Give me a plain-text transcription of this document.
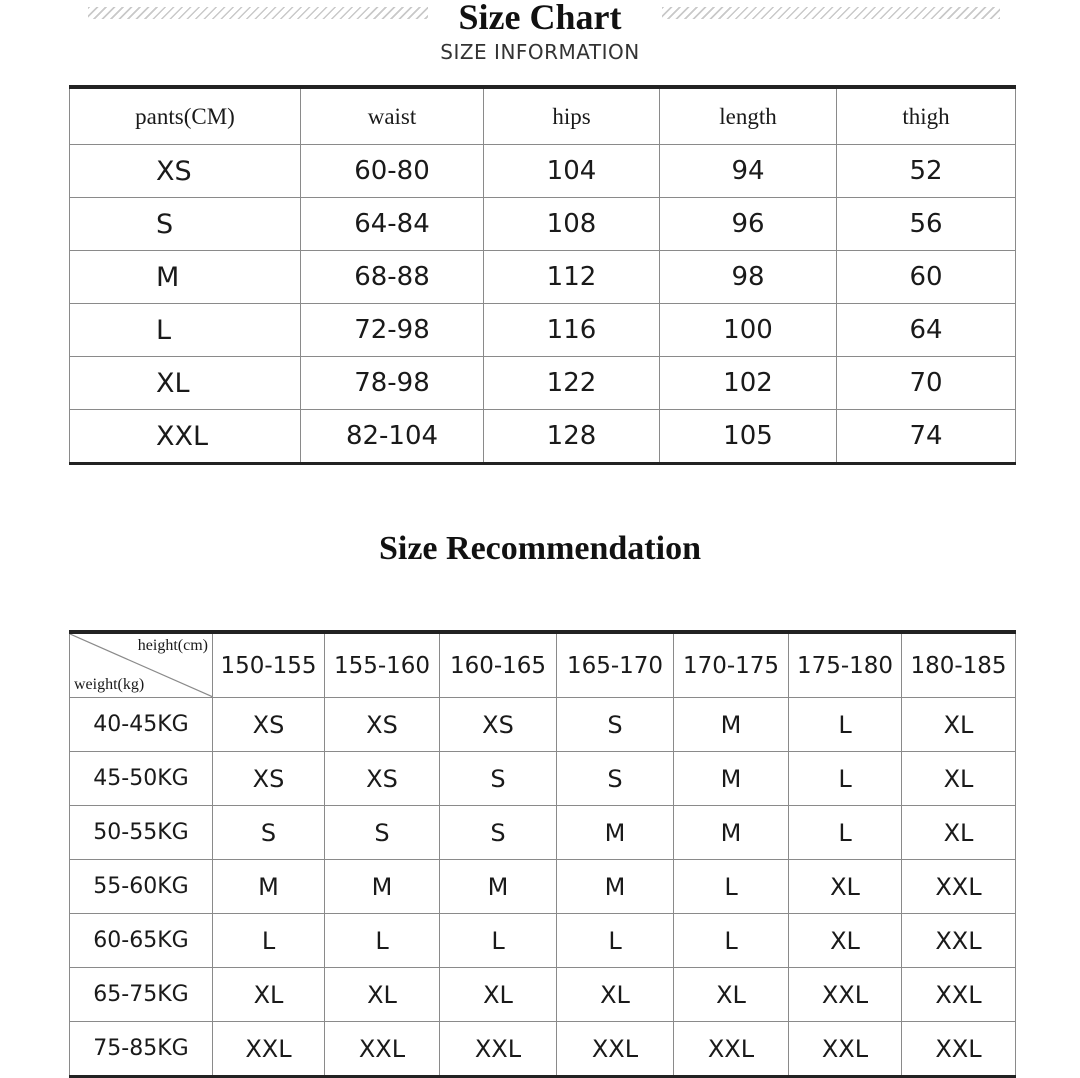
Size Chart
SIZE INFORMATION
pants(CM)	waist	hips	length	thigh
XS	60-80	104	94	52
S	64-84	108	96	56
M	68-88	112	98	60
L	72-98	116	100	64
XL	78-98	122	102	70
XXL	82-104	128	105	74
Size Recommendation
height(cm)
weight(kg)	150-155	155-160	160-165	165-170	170-175	175-180	180-185
40-45KG	XS	XS	XS	S	M	L	XL
45-50KG	XS	XS	S	S	M	L	XL
50-55KG	S	S	S	M	M	L	XL
55-60KG	M	M	M	M	L	XL	XXL
60-65KG	L	L	L	L	L	XL	XXL
65-75KG	XL	XL	XL	XL	XL	XXL	XXL
75-85KG	XXL	XXL	XXL	XXL	XXL	XXL	XXL
